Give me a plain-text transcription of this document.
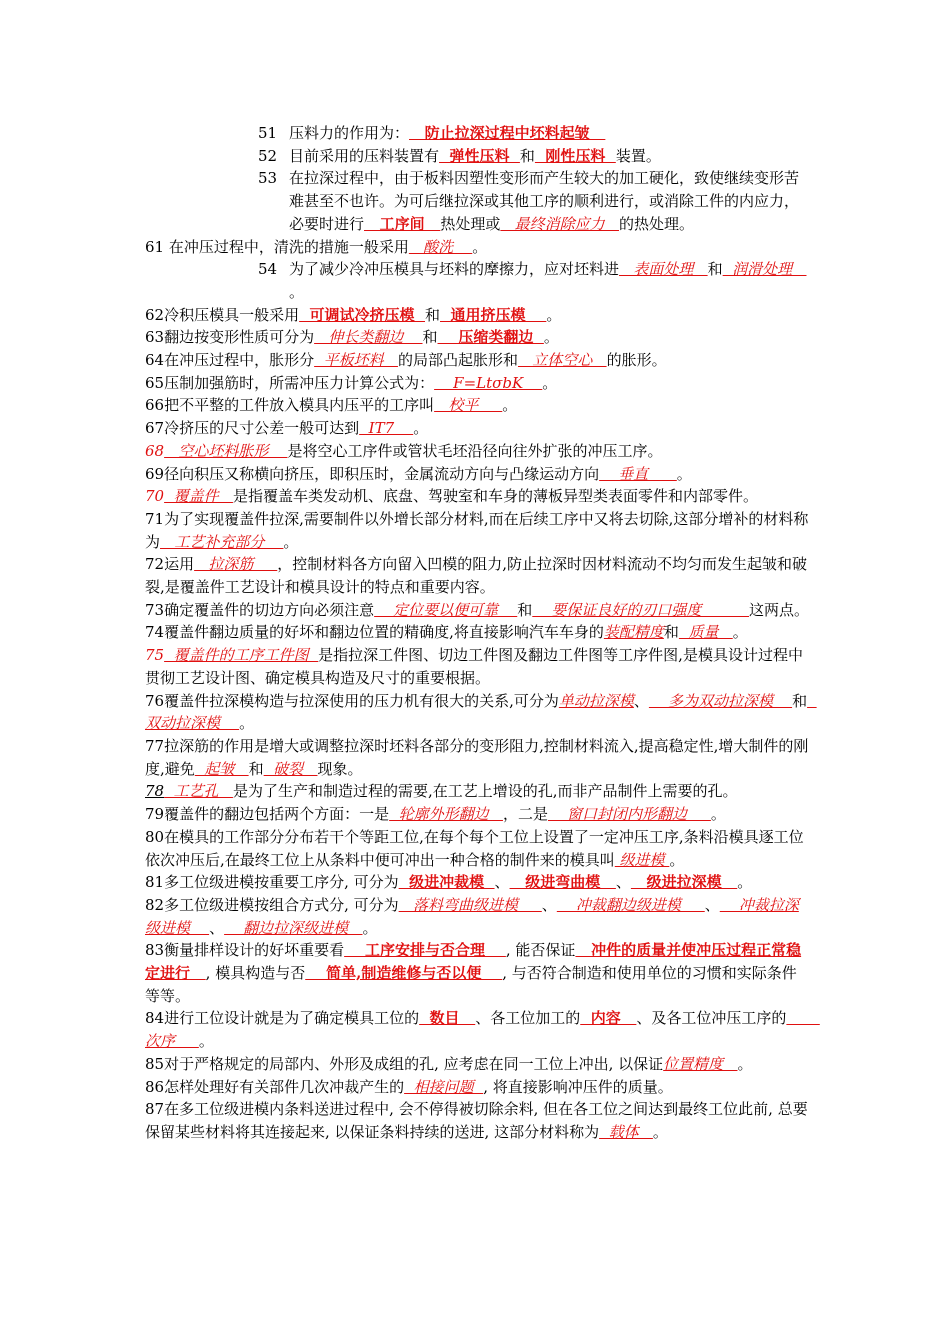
51 压料力的作用为：   防止拉深过程中坯料起皱
52 目前采用的压料装置有  弹性压料  和  刚性压料  装置。
53 在拉深过程中，由于板料因塑性变形而产生较大的加工硬化，致使继续变形苦难甚至不也许。为可后继拉深或其他工序的顺利进行，或消除工件的内应力，必要时进行   工序间   热处理或   最终消除应力   的热处理。
61 在冲压过程中，清洗的措施一般采用   酸洗    。
54 为了减少冷冲压模具与坯料的摩擦力，应对坯料进   表面处理   和  润滑处理   。
62冷积压模具一般采用  可调试冷挤压模  和  通用挤压模    。
63翻边按变形性质可分为   伸长类翻边    和    压缩类翻边  。
64在冲压过程中，胀形分  平板坯料   的局部凸起胀形和   立体空心   的胀形。
65压制加强筋时，所需冲压力计算公式为：    F=LtσbK    。
66把不平整的工件放入模具内压平的工序叫   校平     。
67冷挤压的尺寸公差一般可达到  IT7    。
68   空心坯料胀形    是将空心工序件或管状毛坯沿径向往外扩张的冲压工序。
69径向积压又称横向挤压，即积压时，金属流动方向与凸缘运动方向    垂直      。
70  覆盖件   是指覆盖车类发动机、底盘、驾驶室和车身的薄板异型类表面零件和内部零件。
71为了实现覆盖件拉深,需要制件以外增长部分材料,而在后续工序中又将去切除,这部分增补的材料称为   工艺补充部分    。
72运用   拉深筋     ，控制材料各方向留入凹模的阻力,防止拉深时因材料流动不均匀而发生起皱和破裂,是覆盖件工艺设计和模具设计的特点和重要内容。
73确定覆盖件的切边方向必须注意    定位要以便可靠    和    要保证良好的刃口强度          这两点。
74覆盖件翻边质量的好坏和翻边位置的精确度,将直接影响汽车车身的装配精度和  质量   。
75  覆盖件的工序工件图  是指拉深工件图、切边工件图及翻边工件图等工序件图,是模具设计过程中贯彻工艺设计图、确定模具构造及尺寸的重要根据。
76覆盖件拉深模构造与拉深使用的压力机有很大的关系,可分为单动拉深模、    多为双动拉深模    和  双动拉深模    。
77拉深筋的作用是增大或调整拉深时坯料各部分的变形阻力,控制材料流入,提高稳定性,增大制件的刚度,避免  起皱   和  破裂   现象。
78  工艺孔   是为了生产和制造过程的需要,在工艺上增设的孔,而非产品制件上需要的孔。
79覆盖件的翻边包括两个方面：一是  轮廓外形翻边   ，二是    窗口封闭内形翻边     。
80在模具的工作部分分布若干个等距工位,在每个每个工位上设置了一定冲压工序,条料沿模具逐工位依次冲压后,在最终工位上从条料中便可冲出一种合格的制件来的模具叫 级进模 。
81多工位级进模按重要工序分, 可分为  级进冲裁模  、   级进弯曲模   、   级进拉深模   。
82多工位级进模按组合方式分, 可分为   落料弯曲级进模     、    冲裁翻边级进模     、    冲裁拉深级进模    、    翻边拉深级进模   。
83衡量排样设计的好坏重要看    工序安排与否合理    , 能否保证   冲件的质量并使冲压过程正常稳定进行   , 模具构造与否    简单,制造维修与否以便    , 与否符合制造和使用单位的习惯和实际条件等等。
84进行工位设计就是为了确定模具工位的  数目   、各工位加工的  内容   、及各工位冲压工序的       次序     。
85对于严格规定的局部内、外形及成组的孔, 应考虑在同一工位上冲出, 以保证位置精度   。
86怎样处理好有关部件几次冲裁产生的  相接问题  , 将直接影响冲压件的质量。
87在多工位级进模内条料送进过程中, 会不停得被切除余料, 但在各工位之间达到最终工位此前, 总要保留某些材料将其连接起来, 以保证条料持续的送进, 这部分材料称为  载体   。
